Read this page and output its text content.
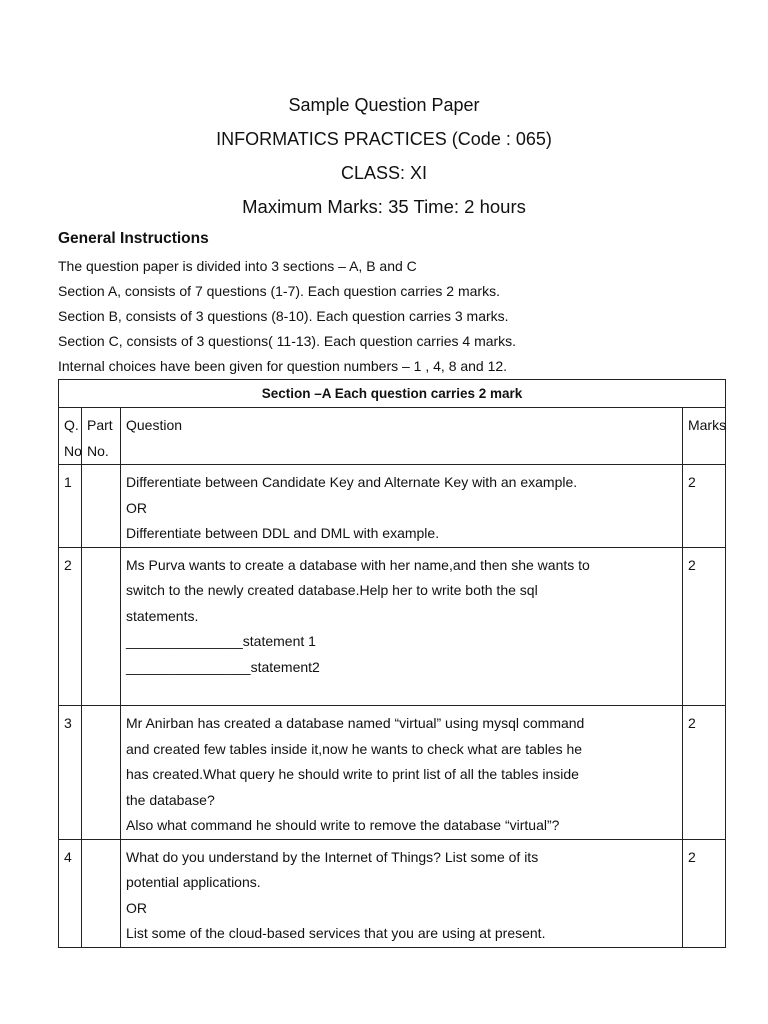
Sample Question Paper
INFORMATICS PRACTICES (Code : 065)
CLASS: XI
Maximum Marks: 35 Time: 2 hours
General Instructions
The question paper is divided into 3 sections – A, B and C
Section A, consists of 7 questions (1-7). Each question carries 2 marks.
Section B, consists of 3 questions (8-10). Each question carries 3 marks.
Section C, consists of 3 questions( 11-13). Each question carries 4 marks.
Internal choices have been given for question numbers – 1 , 4, 8 and 12.
Section –A Each question carries 2 mark			
Q. No	Part No.	Question	Marks
1		Differentiate between Candidate Key and Alternate Key with an example.
OR
Differentiate between DDL and DML with example.	2
2		Ms Purva wants to create a database with her name,and then she wants to
switch to the newly created database.Help her to write both the sql
statements.
_______________statement 1
________________statement2	2
3		Mr Anirban has created a database named “virtual” using mysql command
and created few tables inside it,now he wants to check what are tables he
has created.What query he should write to print list of all the tables inside
the database?
Also what command he should write to remove the database “virtual”?	2
4		What do you understand by the Internet of Things? List some of its
potential applications.
OR
List some of the cloud-based services that you are using at present.	2
